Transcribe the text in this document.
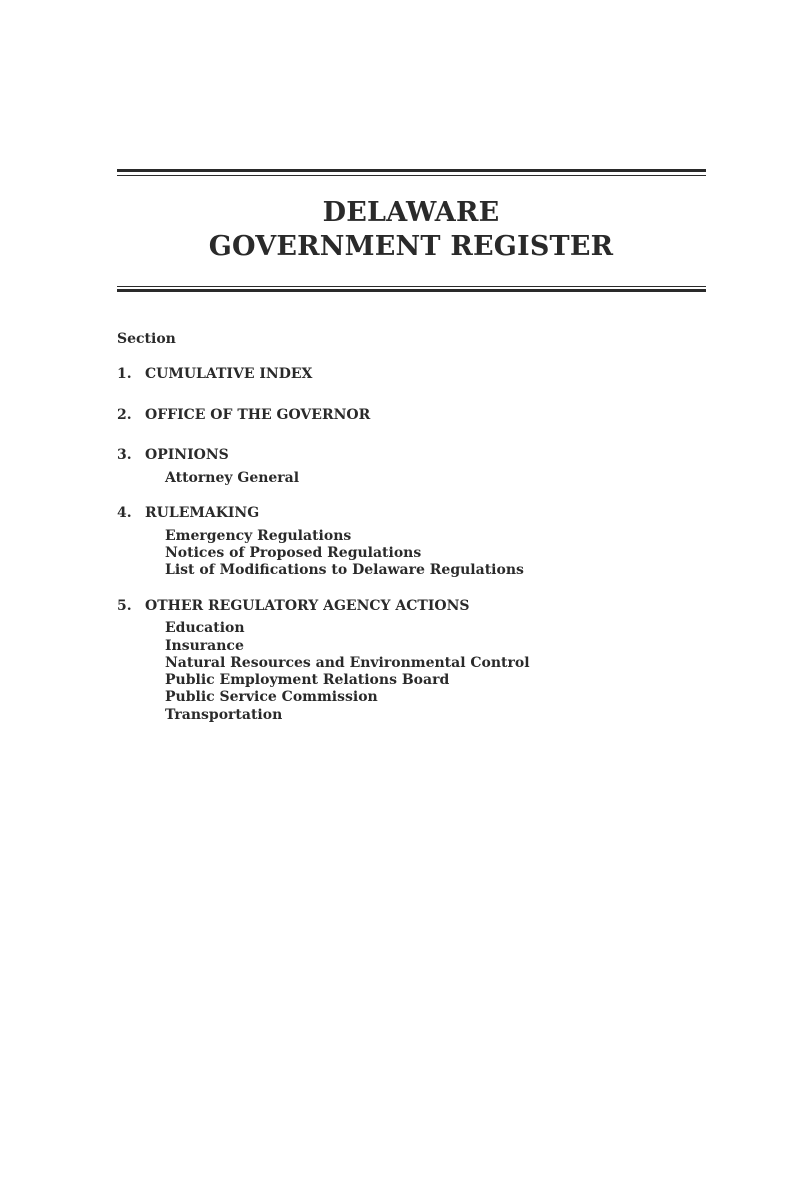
DELAWARE
GOVERNMENT REGISTER
Section
1. CUMULATIVE INDEX
2. OFFICE OF THE GOVERNOR
3. OPINIONS
Attorney General
4. RULEMAKING
Emergency Regulations
Notices of Proposed Regulations
List of Modifications to Delaware Regulations
5. OTHER REGULATORY AGENCY ACTIONS
Education
Insurance
Natural Resources and Environmental Control
Public Employment Relations Board
Public Service Commission
Transportation
